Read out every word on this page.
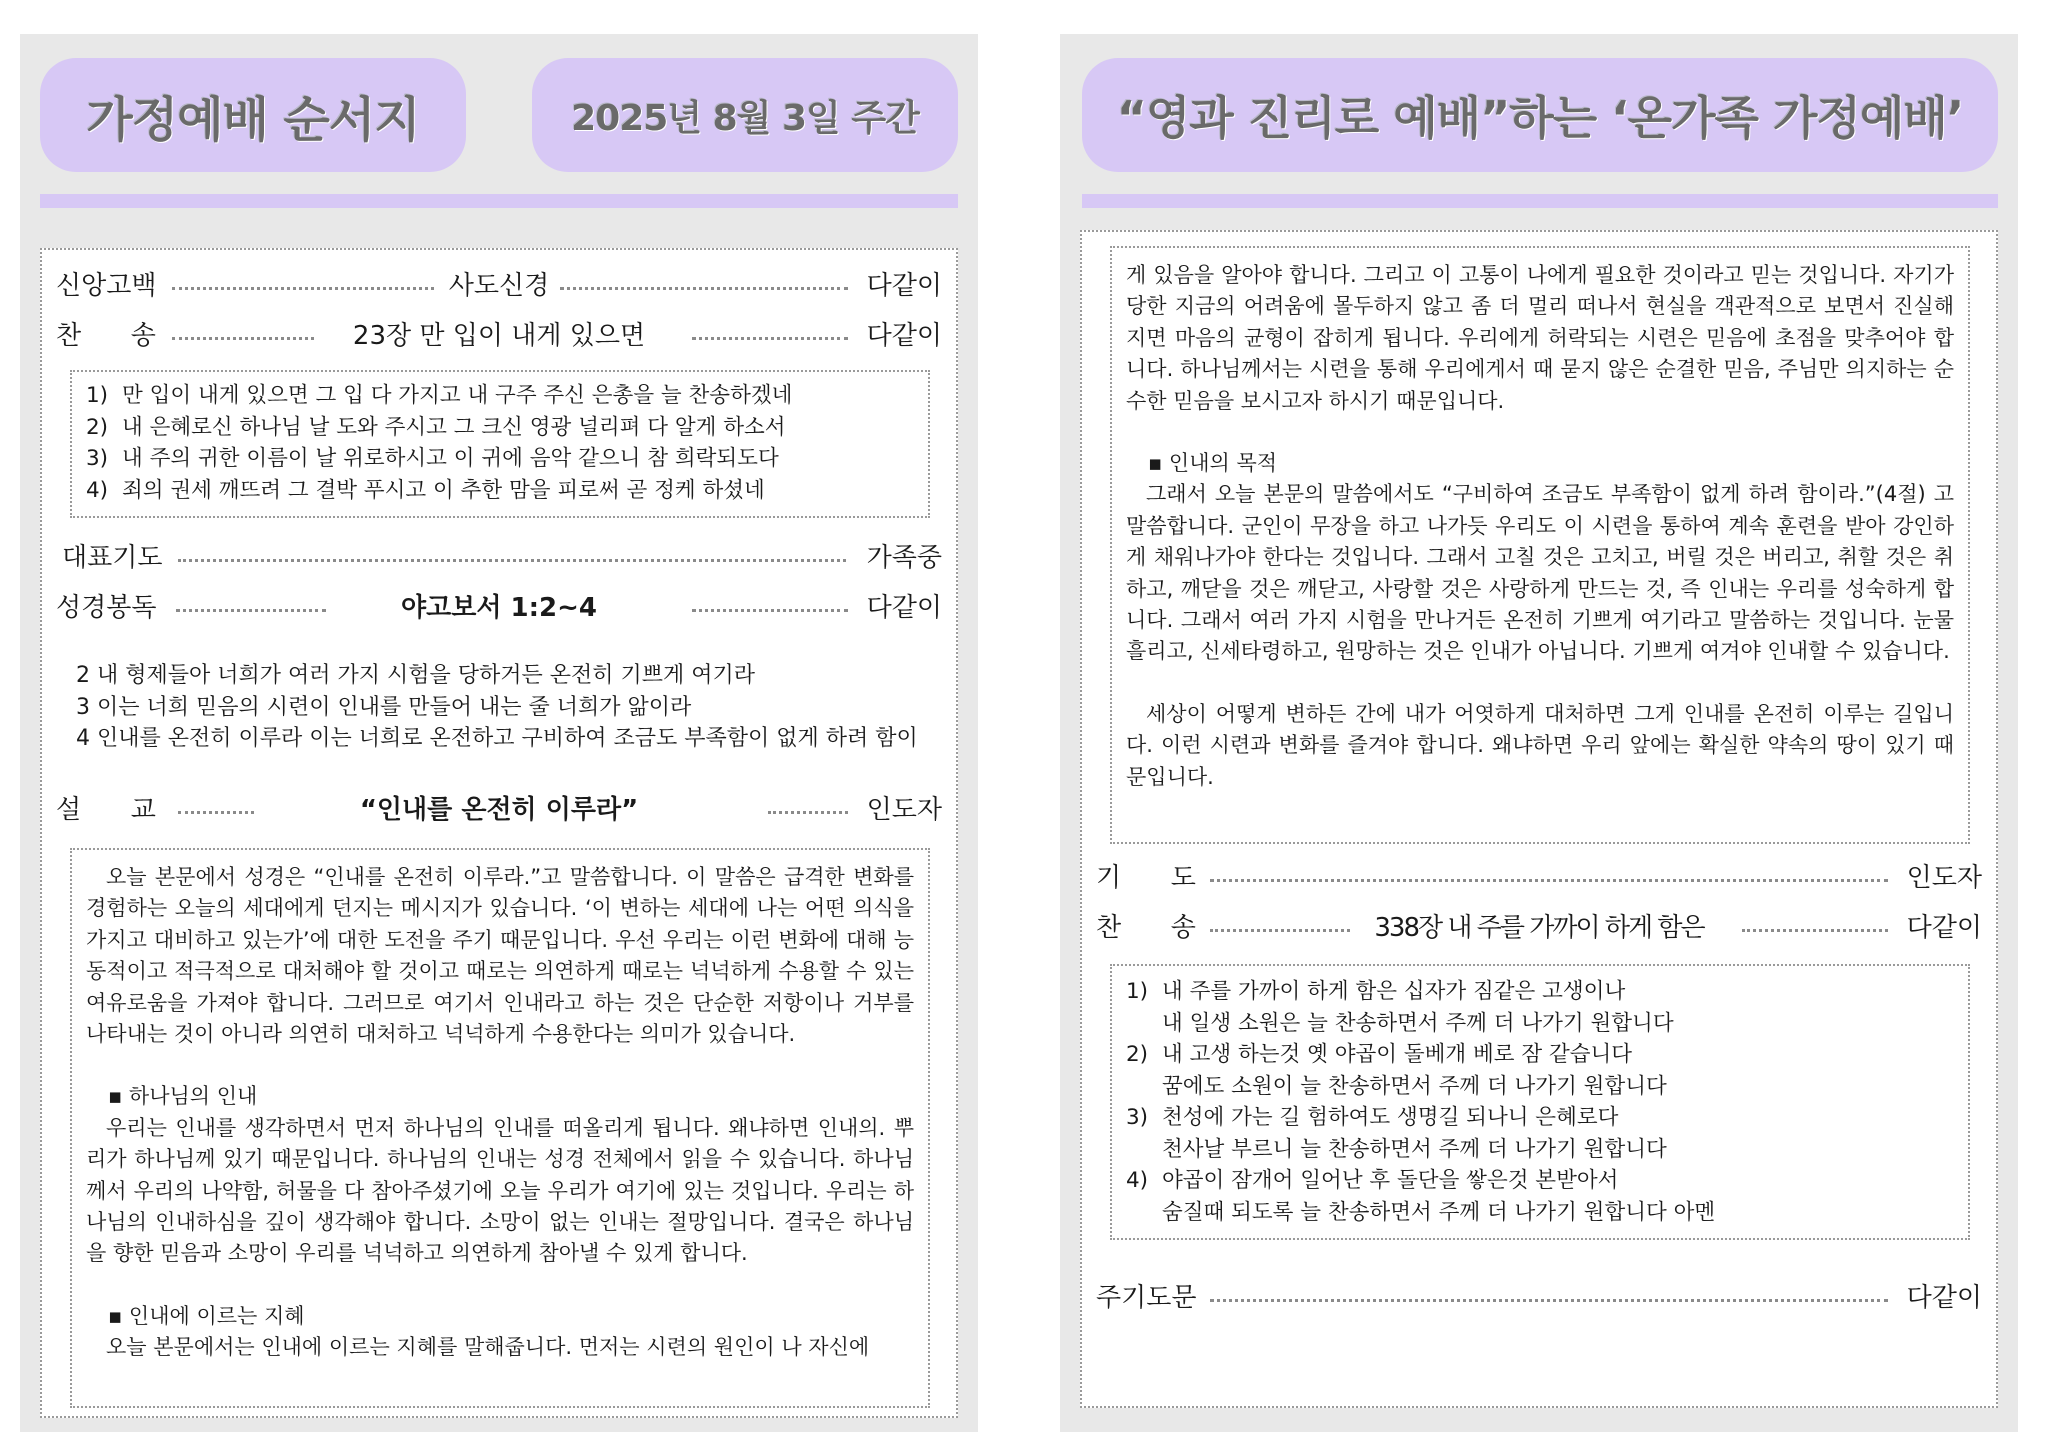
가정예배 순서지	2025년 8월 3일 주간
신앙고백	사도신경	다같이
찬      송	23장 만 입이 내게 있으면	다같이
1) 만 입이 내게 있으면 그 입 다 가지고 내 구주 주신 은총을 늘 찬송하겠네
2) 내 은혜로신 하나님 날 도와 주시고 그 크신 영광 널리펴 다 알게 하소서
3) 내 주의 귀한 이름이 날 위로하시고 이 귀에 음악 같으니 참 희락되도다
4) 죄의 권세 깨뜨려 그 결박 푸시고 이 추한 맘을 피로써 곧 정케 하셨네
대표기도	가족중
성경봉독	야고보서 1:2~4	다같이
2 내 형제들아 너희가 여러 가지 시험을 당하거든 온전히 기쁘게 여기라
3 이는 너희 믿음의 시련이 인내를 만들어 내는 줄 너희가 앎이라
4 인내를 온전히 이루라 이는 너희로 온전하고 구비하여 조금도 부족함이 없게 하려 함이
설      교	“인내를 온전히 이루라”	인도자

오늘 본문에서 성경은 “인내를 온전히 이루라.”고 말씀합니다. 이 말씀은 급격한 변화를 경험하는 오늘의 세대에게 던지는 메시지가 있습니다. ‘이 변하는 세대에 나는 어떤 의식을 가지고 대비하고 있는가’에 대한 도전을 주기 때문입니다. 우선 우리는 이런 변화에 대해 능동적이고 적극적으로 대처해야 할 것이고 때로는 의연하게 때로는 넉넉하게 수용할 수 있는 여유로움을 가져야 합니다. 그러므로 여기서 인내라고 하는 것은 단순한 저항이나 거부를 나타내는 것이 아니라 의연히 대처하고 넉넉하게 수용한다는 의미가 있습니다.

▪ 하나님의 인내

우리는 인내를 생각하면서 먼저 하나님의 인내를 떠올리게 됩니다. 왜냐하면 인내의. 뿌리가 하나님께 있기 때문입니다. 하나님의 인내는 성경 전체에서 읽을 수 있습니다. 하나님께서 우리의 나약함, 허물을 다 참아주셨기에 오늘 우리가 여기에 있는 것입니다. 우리는 하나님의 인내하심을 깊이 생각해야 합니다. 소망이 없는 인내는 절망입니다. 결국은 하나님을 향한 믿음과 소망이 우리를 넉넉하고 의연하게 참아낼 수 있게 합니다.

▪ 인내에 이르는 지혜

오늘 본문에서는 인내에 이르는 지혜를 말해줍니다. 먼저는 시련의 원인이 나 자신에

“영과 진리로 예배”하는 ‘온가족 가정예배’

게 있음을 알아야 합니다. 그리고 이 고통이 나에게 필요한 것이라고 믿는 것입니다. 자기가 당한 지금의 어려움에 몰두하지 않고 좀 더 멀리 떠나서 현실을 객관적으로 보면서 진실해지면 마음의 균형이 잡히게 됩니다. 우리에게 허락되는 시련은 믿음에 초점을 맞추어야 합니다. 하나님께서는 시련을 통해 우리에게서 때 묻지 않은 순결한 믿음, 주님만 의지하는 순수한 믿음을 보시고자 하시기 때문입니다.

▪ 인내의 목적

그래서 오늘 본문의 말씀에서도 “구비하여 조금도 부족함이 없게 하려 함이라.”(4절) 고 말씀합니다. 군인이 무장을 하고 나가듯 우리도 이 시련을 통하여 계속 훈련을 받아 강인하게 채워나가야 한다는 것입니다. 그래서 고칠 것은 고치고, 버릴 것은 버리고, 취할 것은 취하고, 깨닫을 것은 깨닫고, 사랑할 것은 사랑하게 만드는 것, 즉 인내는 우리를 성숙하게 합니다. 그래서 여러 가지 시험을 만나거든 온전히 기쁘게 여기라고 말씀하는 것입니다. 눈물 흘리고, 신세타령하고, 원망하는 것은 인내가 아닙니다. 기쁘게 여겨야 인내할 수 있습니다.

세상이 어떻게 변하든 간에 내가 어엿하게 대처하면 그게 인내를 온전히 이루는 길입니다. 이런 시련과 변화를 즐겨야 합니다. 왜냐하면 우리 앞에는 확실한 약속의 땅이 있기 때문입니다.

기      도	인도자
찬      송	338장 내 주를 가까이 하게 함은	다같이
1) 내 주를 가까이 하게 함은 십자가 짐같은 고생이나
내 일생 소원은 늘 찬송하면서 주께 더 나가기 원합니다
2) 내 고생 하는것 옛 야곱이 돌베개 베로 잠 같습니다
꿈에도 소원이 늘 찬송하면서 주께 더 나가기 원합니다
3) 천성에 가는 길 험하여도 생명길 되나니 은혜로다
천사날 부르니 늘 찬송하면서 주께 더 나가기 원합니다
4) 야곱이 잠개어 일어난 후 돌단을 쌓은것 본받아서
숨질때 되도록 늘 찬송하면서 주께 더 나가기 원합니다 아멘
주기도문	다같이
